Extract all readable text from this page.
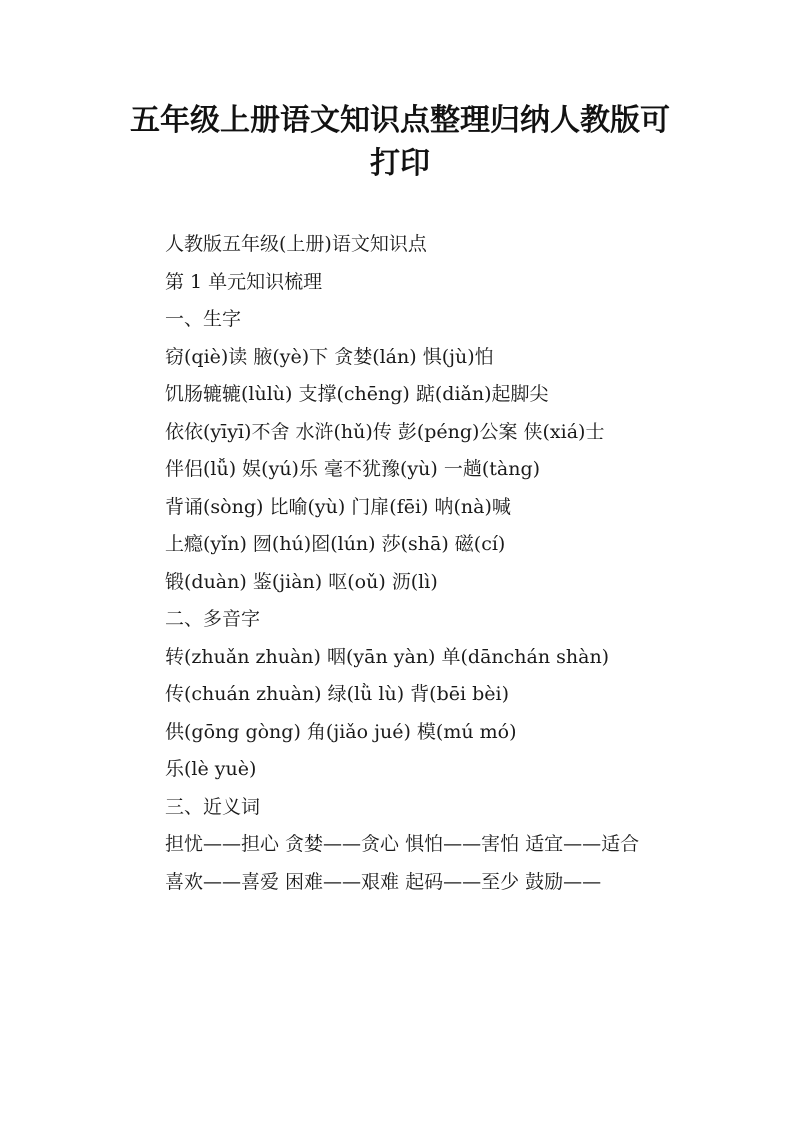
五年级上册语文知识点整理归纳人教版可
打印

人教版五年级(上册)语文知识点

第 1 单元知识梳理

一、生字

窃(qiè)读 腋(yè)下 贪婪(lán) 惧(jù)怕

饥肠辘辘(lùlù) 支撑(chēng) 踮(diǎn)起脚尖

依依(yīyī)不舍 水浒(hǔ)传 彭(péng)公案 侠(xiá)士

伴侣(lǚ) 娱(yú)乐 毫不犹豫(yù) 一趟(tàng)

背诵(sòng) 比喻(yù) 门扉(fēi) 呐(nà)喊

上瘾(yǐn) 囫(hú)囵(lún) 莎(shā) 磁(cí)

锻(duàn) 鉴(jiàn) 呕(oǔ) 沥(lì)

二、多音字

转(zhuǎn zhuàn) 咽(yān yàn) 单(dānchán shàn)

传(chuán zhuàn) 绿(lǜ lù) 背(bēi bèi)

供(gōng gòng) 角(jiǎo jué) 模(mú mó)

乐(lè yuè)

三、近义词

担忧——担心 贪婪——贪心 惧怕——害怕 适宜——适合

喜欢——喜爱 困难——艰难 起码——至少 鼓励——
